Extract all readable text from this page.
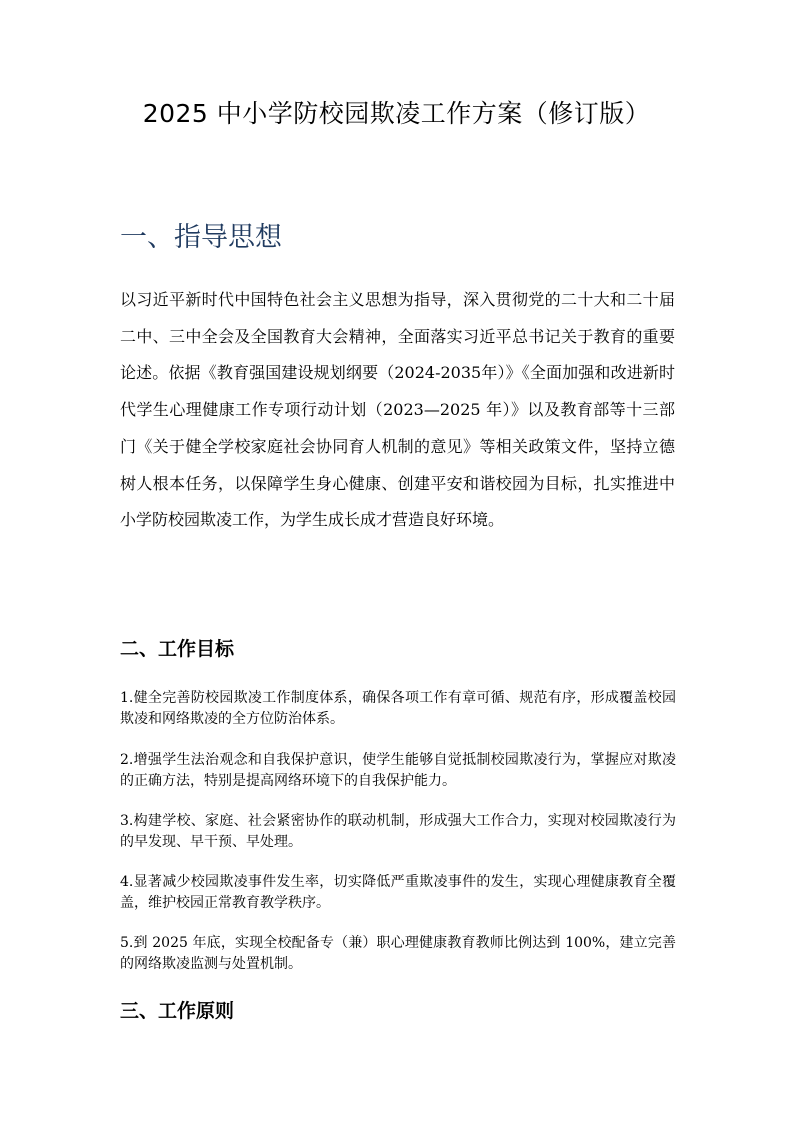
2025 中小学防校园欺凌工作方案（修订版）
一、指导思想

以习近平新时代中国特色社会主义思想为指导，深入贯彻党的二十大和二十届二中、三中全会及全国教育大会精神，全面落实习近平总书记关于教育的重要论述。依据《教育强国建设规划纲要（2024-2035年）》《全面加强和改进新时代学生心理健康工作专项行动计划（2023—2025 年）》以及教育部等十三部门《关于健全学校家庭社会协同育人机制的意见》等相关政策文件，坚持立德树人根本任务，以保障学生身心健康、创建平安和谐校园为目标，扎实推进中小学防校园欺凌工作，为学生成长成才营造良好环境。

二、工作目标

1.健全完善防校园欺凌工作制度体系，确保各项工作有章可循、规范有序，形成覆盖校园欺凌和网络欺凌的全方位防治体系。

2.增强学生法治观念和自我保护意识，使学生能够自觉抵制校园欺凌行为，掌握应对欺凌的正确方法，特别是提高网络环境下的自我保护能力。

3.构建学校、家庭、社会紧密协作的联动机制，形成强大工作合力，实现对校园欺凌行为的早发现、早干预、早处理。

4.显著减少校园欺凌事件发生率，切实降低严重欺凌事件的发生，实现心理健康教育全覆盖，维护校园正常教育教学秩序。

5.到 2025 年底，实现全校配备专（兼）职心理健康教育教师比例达到 100%，建立完善的网络欺凌监测与处置机制。

三、工作原则
